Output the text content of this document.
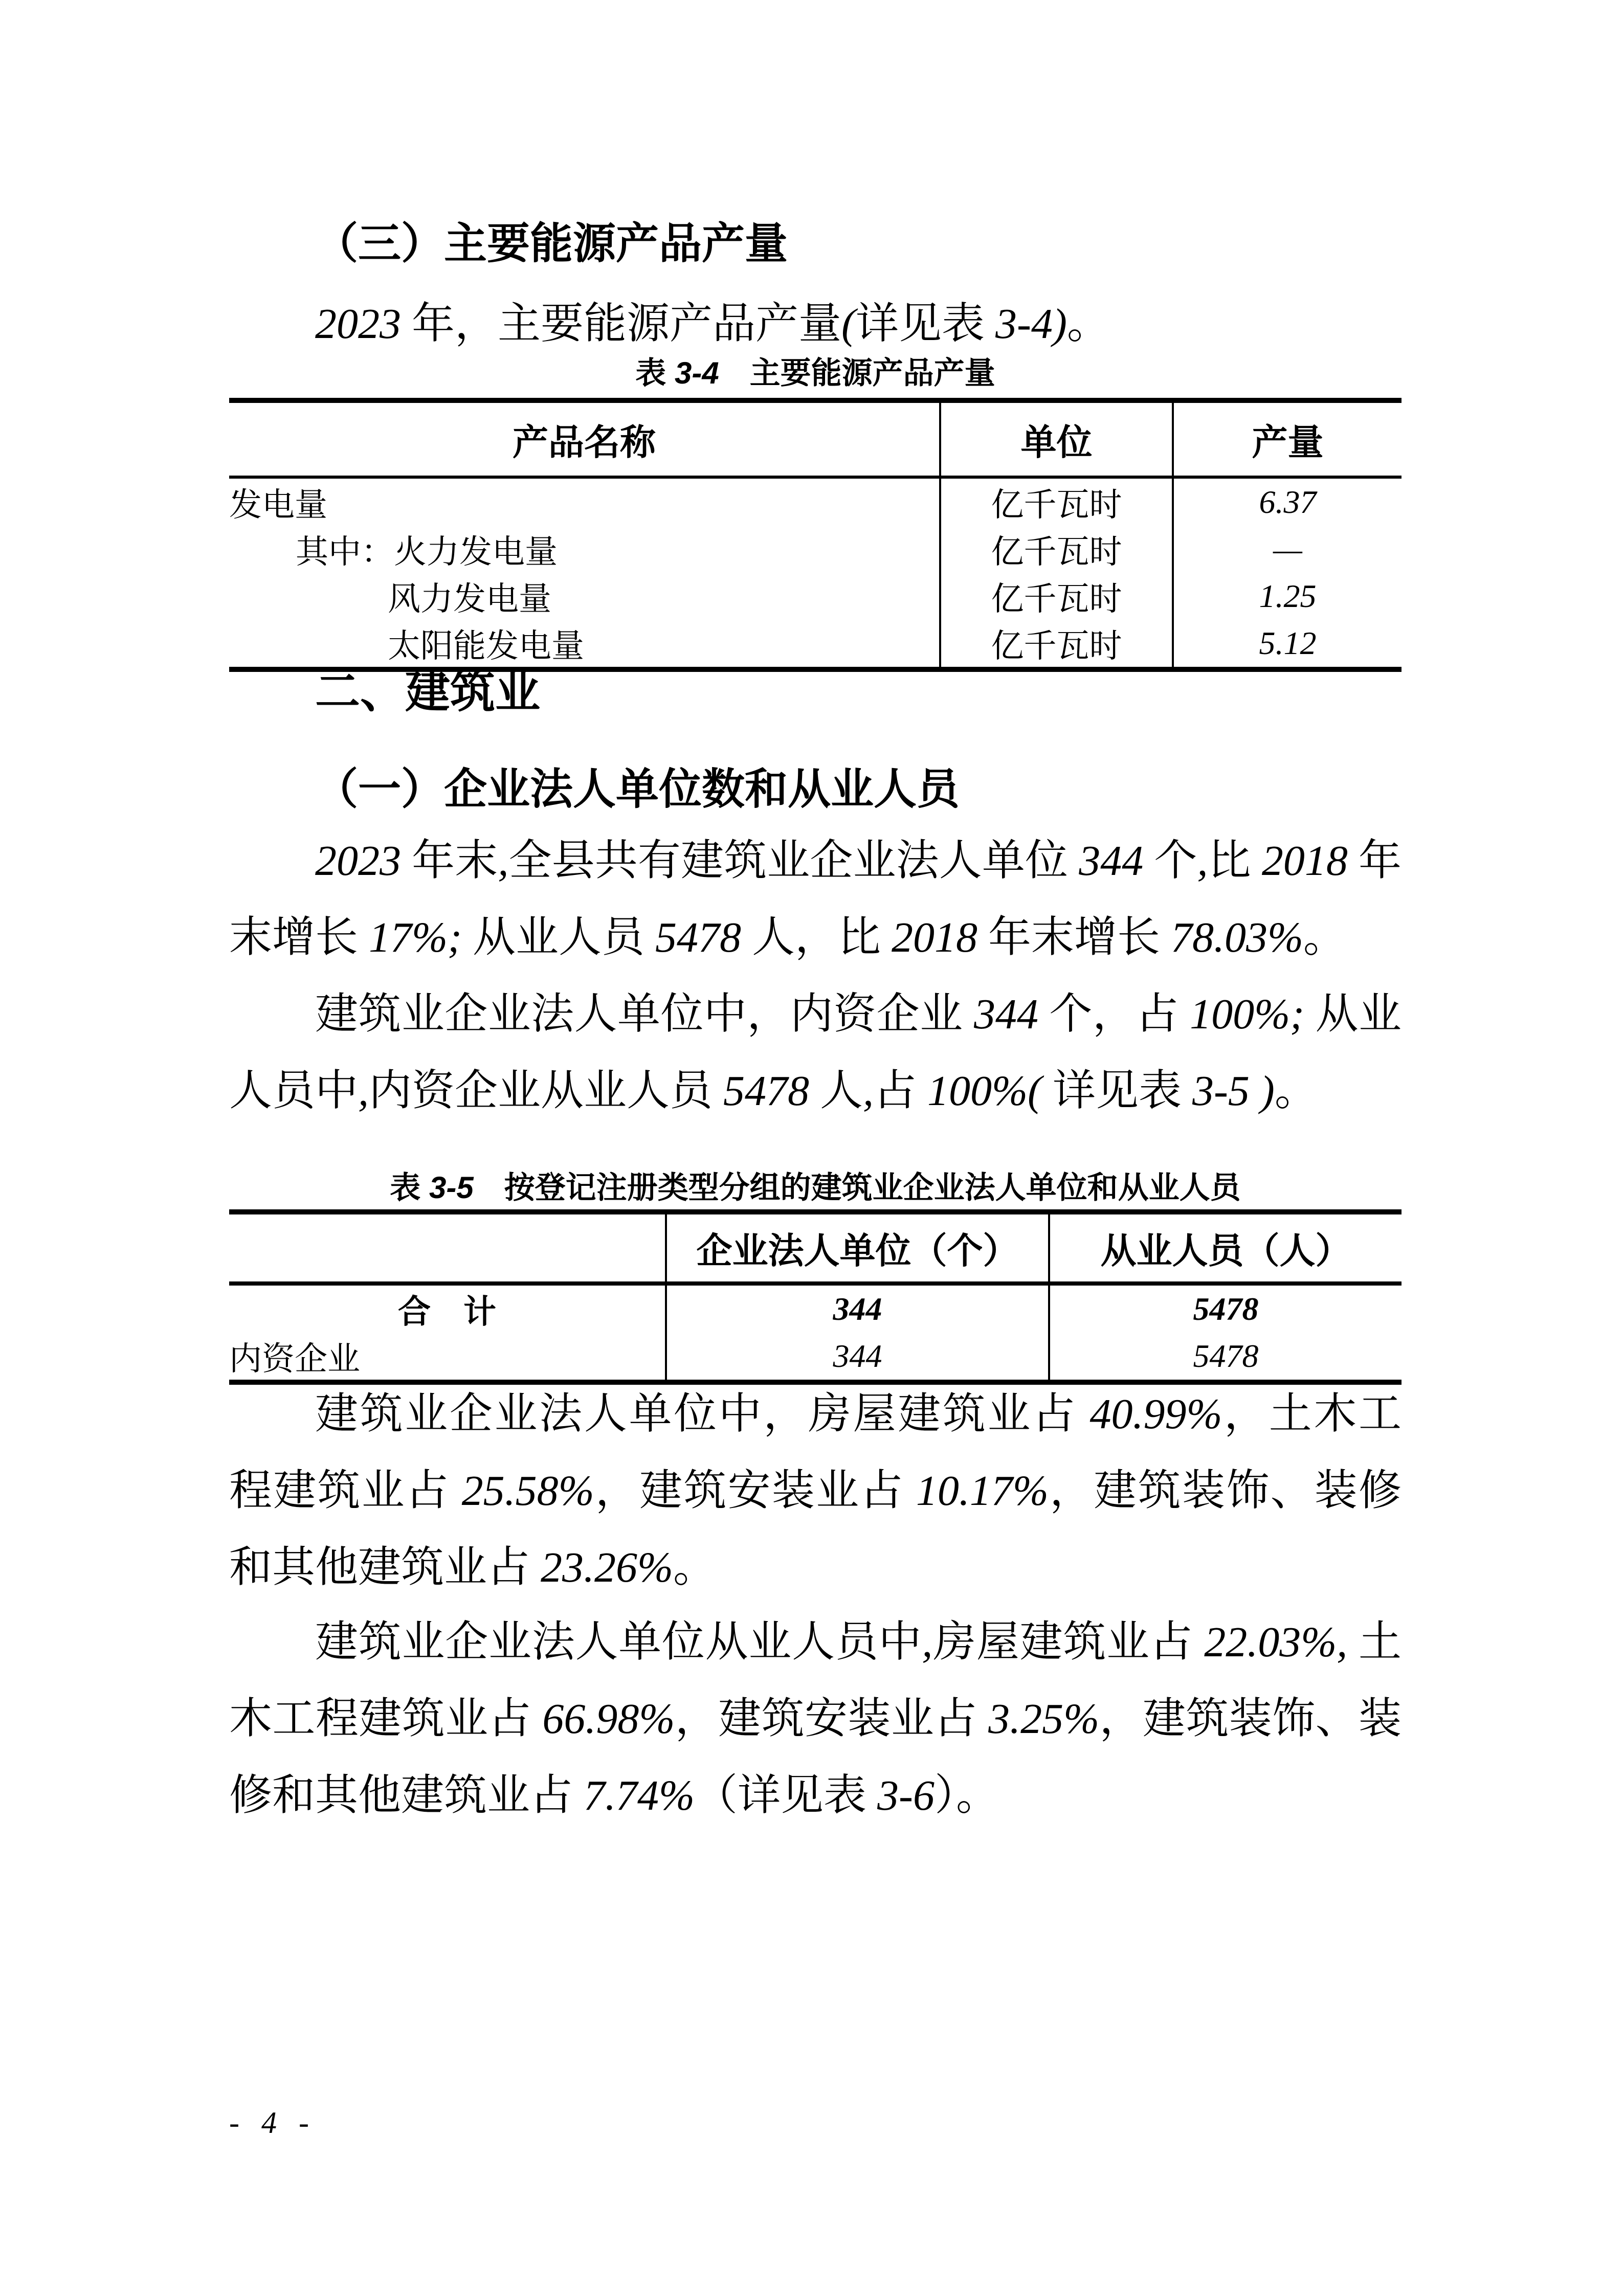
（三）主要能源产品产量

2023 年，主要能源产品产量(详见表 3-4)。

表 3-4　主要能源产品产量
产品名称	单位	产量
发电量	亿千瓦时	6.37
其中：火力发电量	亿千瓦时	—
风力发电量	亿千瓦时	1.25
太阳能发电量	亿千瓦时	5.12
二、建筑业
（一）企业法人单位数和从业人员

2023 年末,全县共有建筑业企业法人单位 344 个,比 2018 年末增长 17%; 从业人员 5478 人，比 2018 年末增长 78.03%。

建筑业企业法人单位中，内资企业 344 个，占 100%; 从业人员中,内资企业从业人员 5478 人,占 100%( 详见表 3-5 )。

表 3-5　按登记注册类型分组的建筑业企业法人单位和从业人员
	企业法人单位（个）	从业人员（人）
合　计	344	5478
内资企业	344	5478

建筑业企业法人单位中，房屋建筑业占 40.99%，土木工程建筑业占 25.58%，建筑安装业占 10.17%，建筑装饰、装修和其他建筑业占 23.26%。

建筑业企业法人单位从业人员中,房屋建筑业占 22.03%, 土木工程建筑业占 66.98%，建筑安装业占 3.25%，建筑装饰、装修和其他建筑业占 7.74%（详见表 3-6）。

- 4 -
